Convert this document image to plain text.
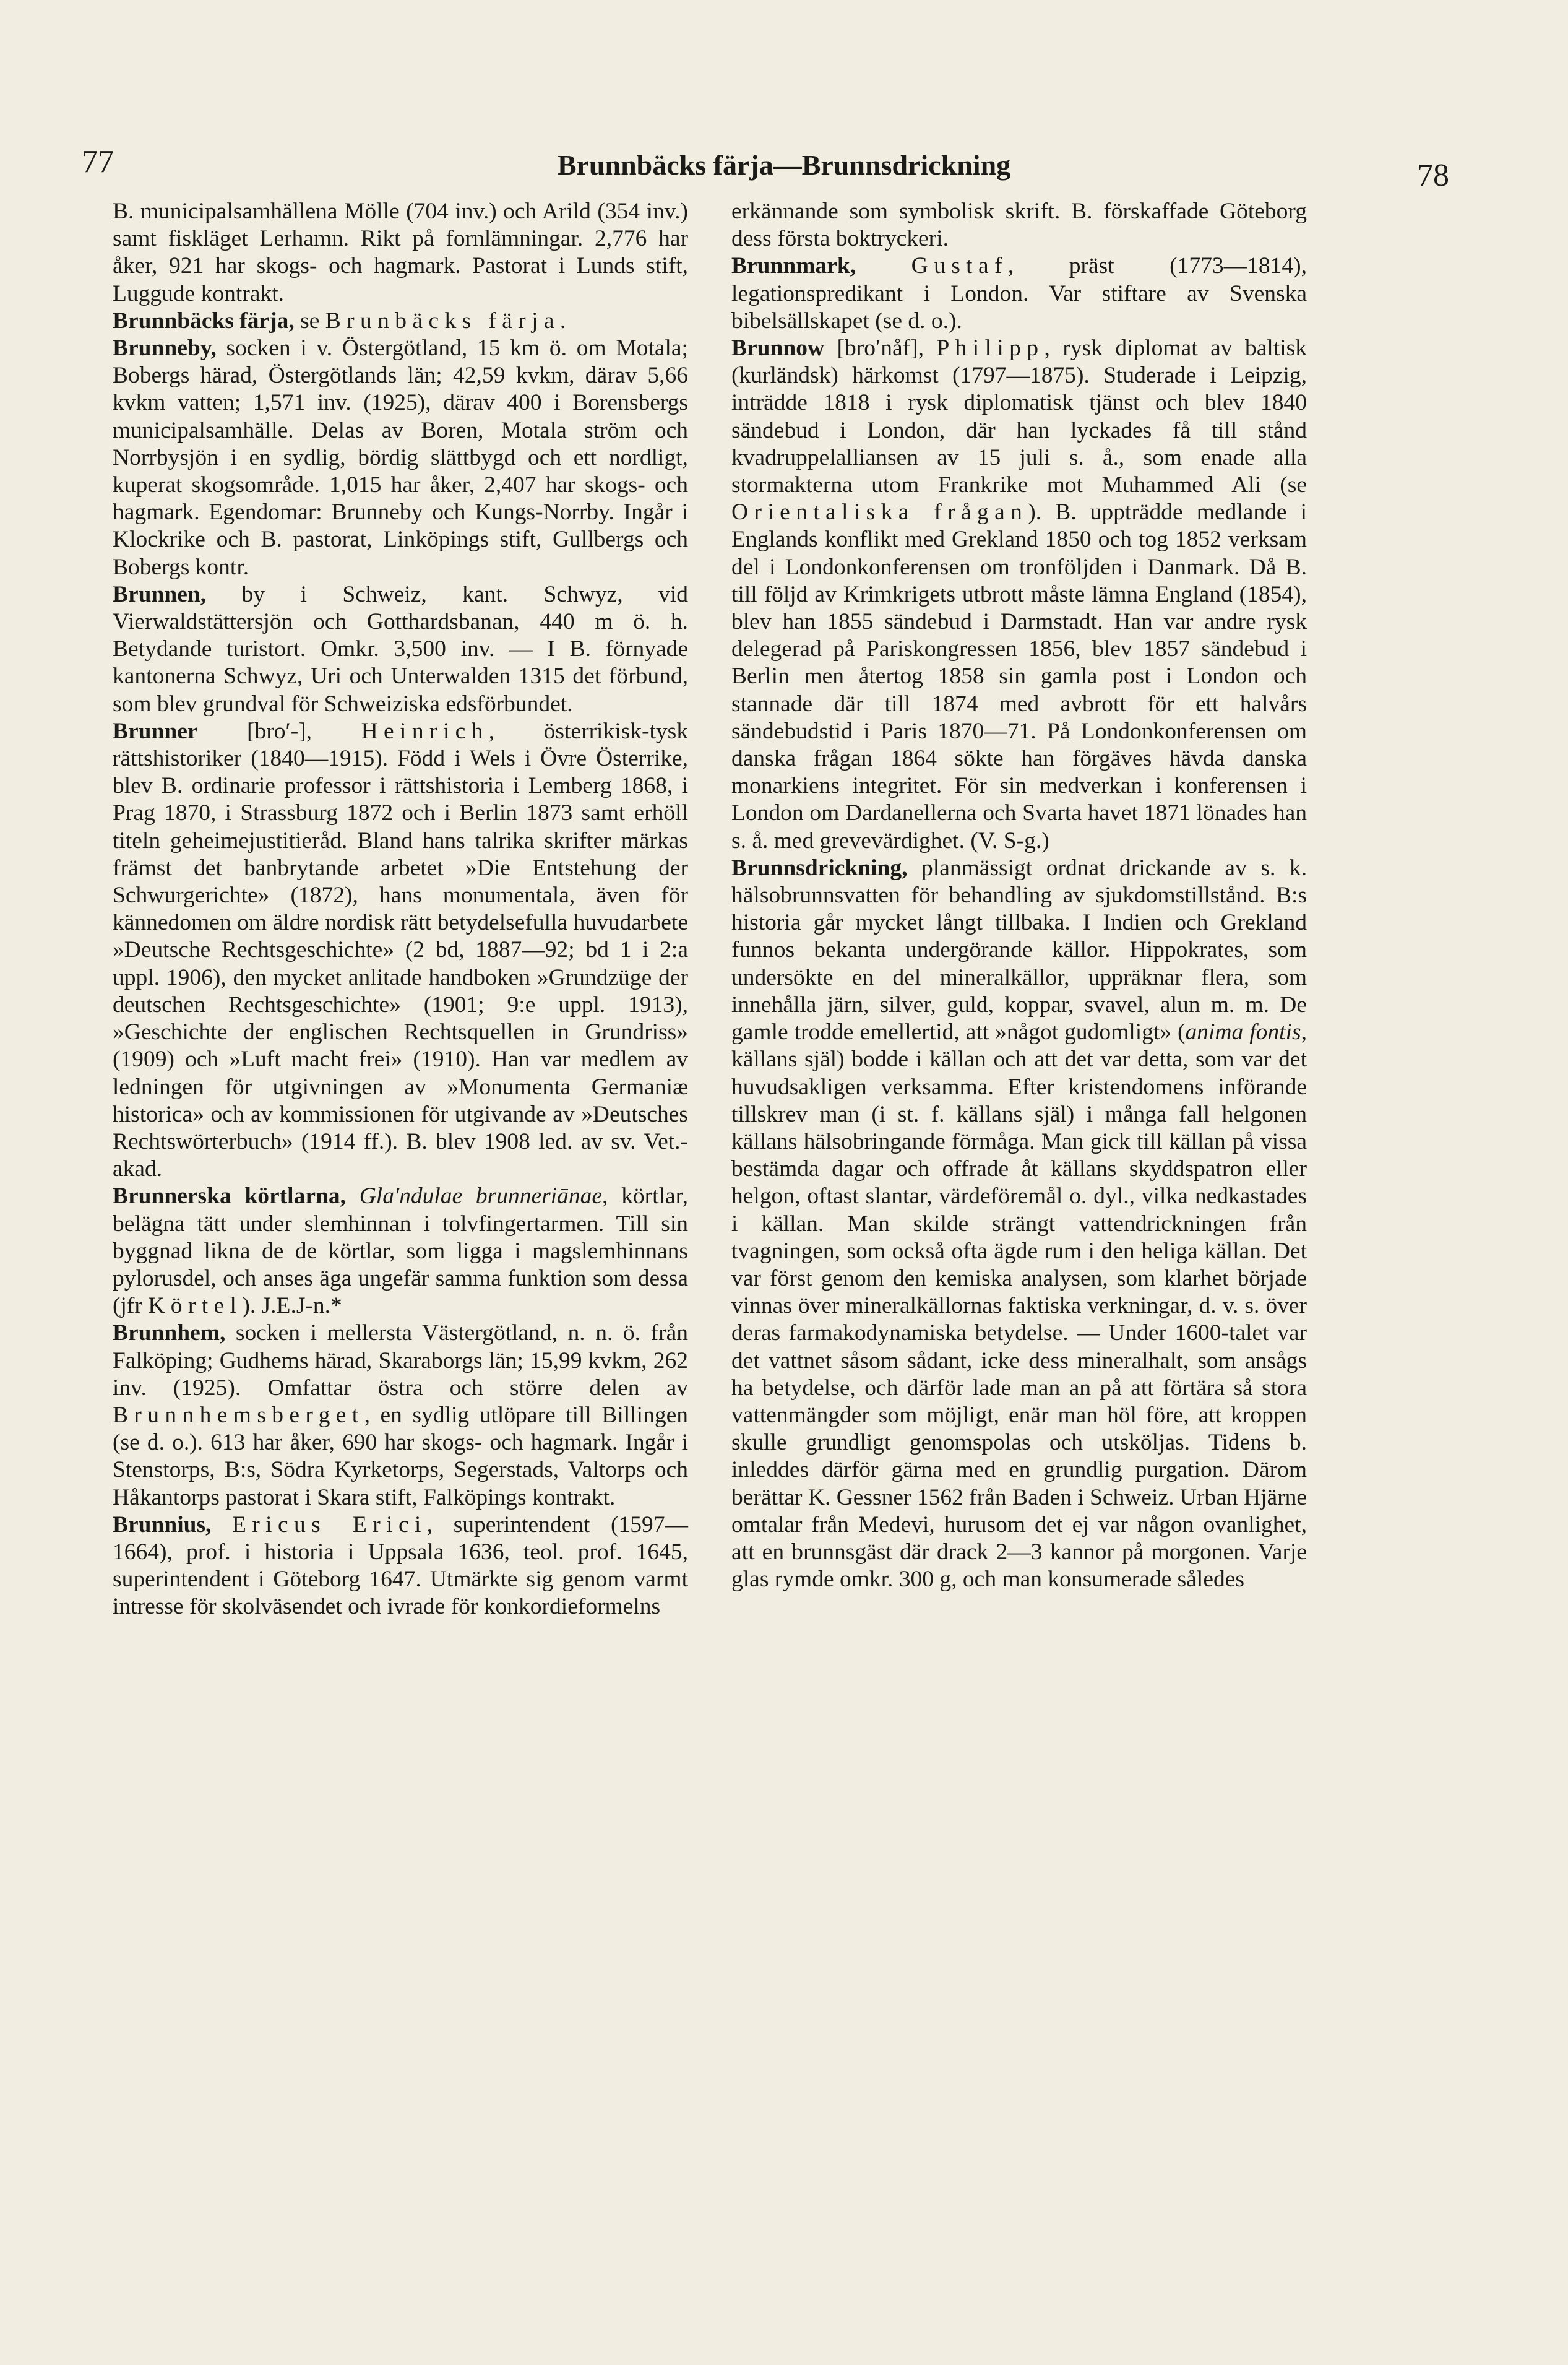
77	Brunnbäcks färja—Brunnsdrickning	78

B. municipalsamhällena Mölle (704 inv.) och Arild (354 inv.) samt fiskläget Lerhamn. Rikt på fornlämningar. 2,776 har åker, 921 har skogs- och hagmark. Pastorat i Lunds stift, Luggude kontrakt.

Brunnbäcks färja, se Brunbäcks färja.

Brunneby, socken i v. Östergötland, 15 km ö. om Motala; Bobergs härad, Östergötlands län; 42,59 kvkm, därav 5,66 kvkm vatten; 1,571 inv. (1925), därav 400 i Borensbergs municipalsamhälle. Delas av Boren, Motala ström och Norrbysjön i en sydlig, bördig slättbygd och ett nordligt, kuperat skogsområde. 1,015 har åker, 2,407 har skogs- och hagmark. Egendomar: Brunneby och Kungs-Norrby. Ingår i Klockrike och B. pastorat, Linköpings stift, Gullbergs och Bobergs kontr.

Brunnen, by i Schweiz, kant. Schwyz, vid Vierwaldstättersjön och Gotthardsbanan, 440 m ö. h. Betydande turistort. Omkr. 3,500 inv. — I B. förnyade kantonerna Schwyz, Uri och Unterwalden 1315 det förbund, som blev grundval för Schweiziska edsförbundet.

Brunner [bro′-], Heinrich, österrikisk-tysk rättshistoriker (1840—1915). Född i Wels i Övre Österrike, blev B. ordinarie professor i rättshistoria i Lemberg 1868, i Prag 1870, i Strassburg 1872 och i Berlin 1873 samt erhöll titeln geheimejustitieråd. Bland hans talrika skrifter märkas främst det banbrytande arbetet »Die Entstehung der Schwurgerichte» (1872), hans monumentala, även för kännedomen om äldre nordisk rätt betydelsefulla huvudarbete »Deutsche Rechtsgeschichte» (2 bd, 1887—92; bd 1 i 2:a uppl. 1906), den mycket anlitade handboken »Grundzüge der deutschen Rechtsgeschichte» (1901; 9:e uppl. 1913), »Geschichte der englischen Rechtsquellen in Grundriss» (1909) och »Luft macht frei» (1910). Han var medlem av ledningen för utgivningen av »Monumenta Germaniæ historica» och av kommissionen för utgivande av »Deutsches Rechtswörterbuch» (1914 ff.). B. blev 1908 led. av sv. Vet.-akad.

Brunnerska körtlarna, Gla′ndulae brunneriānae, körtlar, belägna tätt under slemhinnan i tolvfingertarmen. Till sin byggnad likna de de körtlar, som ligga i magslemhinnans pylorusdel, och anses äga ungefär samma funktion som dessa (jfr Körtel). J.E.J-n.*

Brunnhem, socken i mellersta Västergötland, n. n. ö. från Falköping; Gudhems härad, Skaraborgs län; 15,99 kvkm, 262 inv. (1925). Omfattar östra och större delen av Brunnhemsberget, en sydlig utlöpare till Billingen (se d. o.). 613 har åker, 690 har skogs- och hagmark. Ingår i Stenstorps, B:s, Södra Kyrketorps, Segerstads, Valtorps och Håkantorps pastorat i Skara stift, Falköpings kontrakt.

Brunnius, Ericus Erici, superintendent (1597—1664), prof. i historia i Uppsala 1636, teol. prof. 1645, superintendent i Göteborg 1647. Utmärkte sig genom varmt intresse för skolväsendet och ivrade för konkordieformelns

erkännande som symbolisk skrift. B. förskaffade Göteborg dess första boktryckeri.

Brunnmark, Gustaf, präst (1773—1814), legationspredikant i London. Var stiftare av Svenska bibelsällskapet (se d. o.).

Brunnow [bro′nåf], Philipp, rysk diplomat av baltisk (kurländsk) härkomst (1797—1875). Studerade i Leipzig, inträdde 1818 i rysk diplomatisk tjänst och blev 1840 sändebud i London, där han lyckades få till stånd kvadruppelalliansen av 15 juli s. å., som enade alla stormakterna utom Frankrike mot Muhammed Ali (se Orientaliska frågan). B. uppträdde medlande i Englands konflikt med Grekland 1850 och tog 1852 verksam del i Londonkonferensen om tronföljden i Danmark. Då B. till följd av Krimkrigets utbrott måste lämna England (1854), blev han 1855 sändebud i Darmstadt. Han var andre rysk delegerad på Pariskongressen 1856, blev 1857 sändebud i Berlin men återtog 1858 sin gamla post i London och stannade där till 1874 med avbrott för ett halvårs sändebudstid i Paris 1870—71. På Londonkonferensen om danska frågan 1864 sökte han förgäves hävda danska monarkiens integritet. För sin medverkan i konferensen i London om Dardanellerna och Svarta havet 1871 lönades han s. å. med grevevärdighet. (V. S-g.)

Brunnsdrickning, planmässigt ordnat drickande av s. k. hälsobrunnsvatten för behandling av sjukdomstillstånd. B:s historia går mycket långt tillbaka. I Indien och Grekland funnos bekanta undergörande källor. Hippokrates, som undersökte en del mineralkällor, uppräknar flera, som innehålla järn, silver, guld, koppar, svavel, alun m. m. De gamle trodde emellertid, att »något gudomligt» (anima fontis, källans själ) bodde i källan och att det var detta, som var det huvudsakligen verksamma. Efter kristendomens införande tillskrev man (i st. f. källans själ) i många fall helgonen källans hälsobringande förmåga. Man gick till källan på vissa bestämda dagar och offrade åt källans skyddspatron eller helgon, oftast slantar, värdeföremål o. dyl., vilka nedkastades i källan. Man skilde strängt vattendrickningen från tvagningen, som också ofta ägde rum i den heliga källan. Det var först genom den kemiska analysen, som klarhet började vinnas över mineralkällornas faktiska verkningar, d. v. s. över deras farmakodynamiska betydelse. — Under 1600-talet var det vattnet såsom sådant, icke dess mineralhalt, som ansågs ha betydelse, och därför lade man an på att förtära så stora vattenmängder som möjligt, enär man höl före, att kroppen skulle grundligt genomspolas och utsköljas. Tidens b. inleddes därför gärna med en grundlig purgation. Därom berättar K. Gessner 1562 från Baden i Schweiz. Urban Hjärne omtalar från Medevi, hurusom det ej var någon ovanlighet, att en brunnsgäst där drack 2—3 kannor på morgonen. Varje glas rymde omkr. 300 g, och man konsumerade således
